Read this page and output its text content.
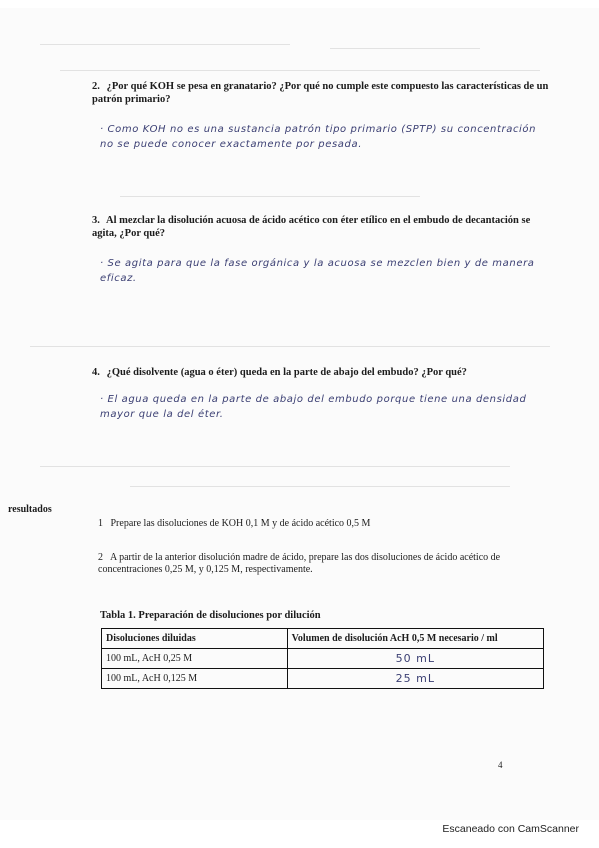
2. ¿Por qué KOH se pesa en granatario? ¿Por qué no cumple este compuesto las características de un patrón primario?
· Como KOH no es una sustancia patrón tipo primario (SPTP) su concentración no se puede conocer exactamente por pesada.
3. Al mezclar la disolución acuosa de ácido acético con éter etílico en el embudo de decantación se agita, ¿Por qué?
· Se agita para que la fase orgánica y la acuosa se mezclen bien y de manera eficaz.
4. ¿Qué disolvente (agua o éter) queda en la parte de abajo del embudo? ¿Por qué?
· El agua queda en la parte de abajo del embudo porque tiene una densidad mayor que la del éter.
resultados
1 Prepare las disoluciones de KOH 0,1 M y de ácido acético 0,5 M
2 A partir de la anterior disolución madre de ácido, prepare las dos disoluciones de ácido acético de concentraciones 0,25 M, y 0,125 M, respectivamente.
Tabla 1. Preparación de disoluciones por dilución
Disoluciones diluidas	Volumen de disolución AcH 0,5 M necesario / ml
100 mL, AcH 0,25 M	50 mL
100 mL, AcH 0,125 M	25 mL
4
Escaneado con CamScanner
